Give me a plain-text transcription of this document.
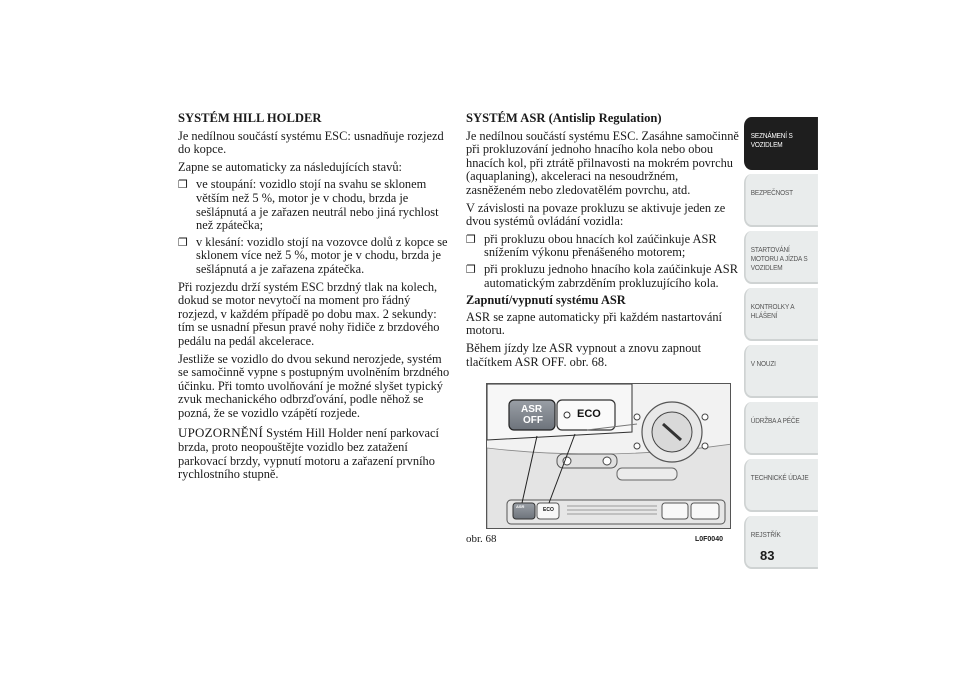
SYSTÉM HILL HOLDER

Je nedílnou součástí systému ESC: usnadňuje rozjezd do kopce.

Zapne se automaticky za následujících stavů:

❐ ve stoupání: vozidlo stojí na svahu se sklonem větším než 5 %, motor je v chodu, brzda je sešlápnutá a je zařazen neutrál nebo jiná rychlost než zpátečka;
❐ v klesání: vozidlo stojí na vozovce dolů z kopce se sklonem více než 5 %, motor je v chodu, brzda je sešlápnutá a je zařazena zpátečka.

Při rozjezdu drží systém ESC brzdný tlak na kolech, dokud se motor nevytočí na moment pro řádný rozjezd, v každém případě po dobu max. 2 sekundy: tím se usnadní přesun pravé nohy řidiče z brzdového pedálu na pedál akcelerace.

Jestliže se vozidlo do dvou sekund nerozjede, systém se samočinně vypne s postupným uvolněním brzdného účinku. Při tomto uvolňování je možné slyšet typický zvuk mechanického odbrzďování, podle něhož se pozná, že se vozidlo vzápětí rozjede.

UPOZORNĚNÍ Systém Hill Holder není parkovací brzda, proto neopouštějte vozidlo bez zatažení parkovací brzdy, vypnutí motoru a zařazení prvního rychlostního stupně.

SYSTÉM ASR (Antislip Regulation)

Je nedílnou součástí systému ESC. Zasáhne samočinně při prokluzování jednoho hnacího kola nebo obou hnacích kol, při ztrátě přilnavosti na mokrém povrchu (aquaplaning), akceleraci na nesoudržném, zasněženém nebo zledovatělém povrchu, atd.

V závislosti na povaze prokluzu se aktivuje jeden ze dvou systémů ovládání vozidla:

❐ při prokluzu obou hnacích kol zaúčinkuje ASR snížením výkonu přenášeného motorem;
❐ při prokluzu jednoho hnacího kola zaúčinkuje ASR automatickým zabrzděním prokluzujícího kola.
Zapnutí/vypnutí systému ASR

ASR se zapne automaticky při každém nastartování motoru.

Během jízdy lze ASR vypnout a znovu zapnout tlačítkem ASR OFF. obr. 68.

ASR
OFF
ECO
ASR
ECO
obr. 68	L0F0040
SEZNÁMENÍ S VOZIDLEM
BEZPEČNOST
STARTOVÁNÍ MOTORU A JÍZDA S VOZIDLEM
KONTROLKY A HLÁŠENÍ
V NOUZI
ÚDRŽBA A PÉČE
TECHNICKÉ ÚDAJE
REJSTŘÍK
83
